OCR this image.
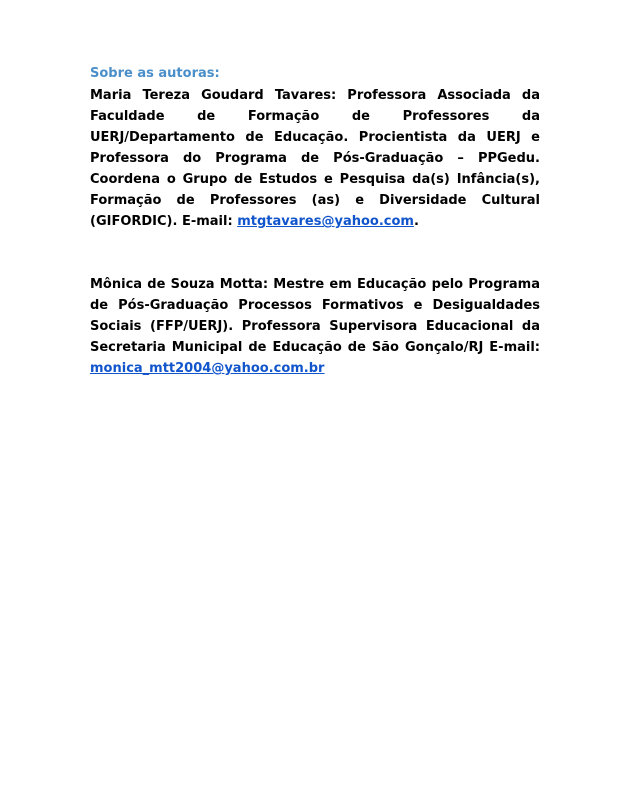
Sobre as autoras:

Maria Tereza Goudard Tavares: Professora Associada da Faculdade de Formação de Professores da UERJ/Departamento de Educação. Procientista da UERJ e Professora do Programa de Pós-Graduação – PPGedu. Coordena o Grupo de Estudos e Pesquisa da(s) Infância(s), Formação de Professores (as) e Diversidade Cultural (GIFORDIC). E-mail: mtgtavares@yahoo.com.

Mônica de Souza Motta: Mestre em Educação pelo Programa de Pós-Graduação Processos Formativos e Desigualdades Sociais (FFP/UERJ). Professora Supervisora Educacional da Secretaria Municipal de Educação de São Gonçalo/RJ E-mail: monica_mtt2004@yahoo.com.br
